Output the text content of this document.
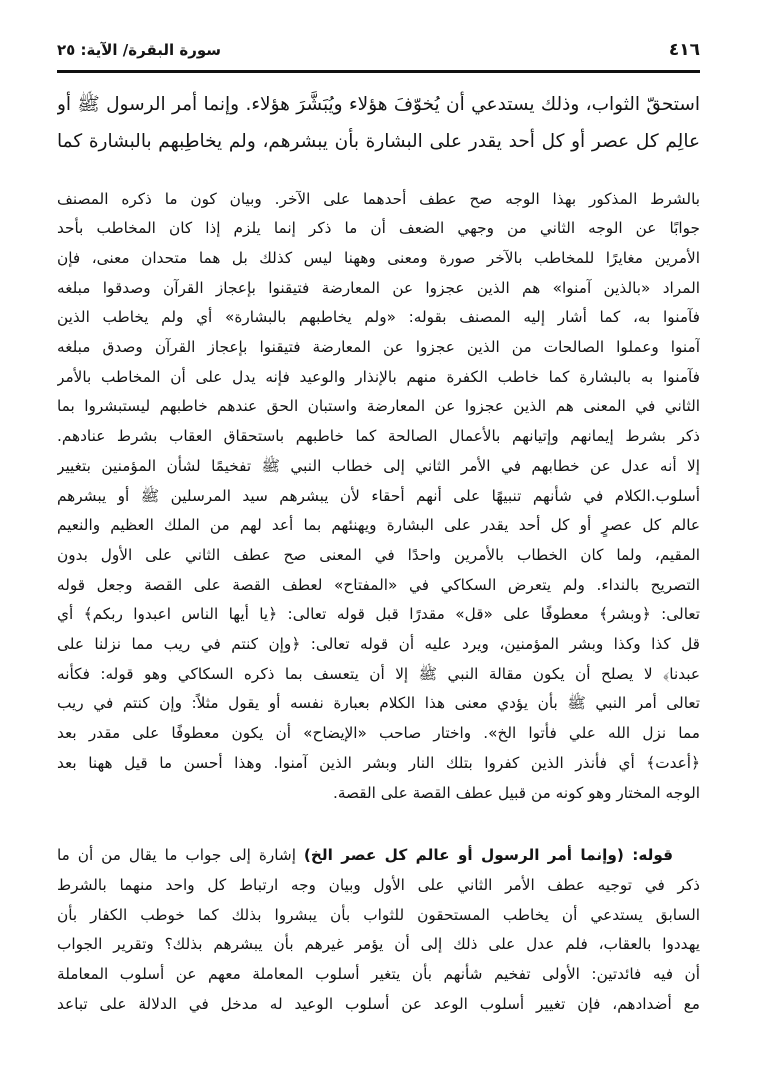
٤١٦
سورة البقرة/ الآية: ٢٥
استحقّ الثواب، وذلك يستدعي أن يُخوّفَ هؤلاء ويُبَشَّرَ هؤلاء. وإنما أمر الرسول ﷺ أو
عالِم كل عصر أو كل أحد يقدر على البشارة بأن يبشرهم، ولم يخاطِبهم بالبشارة كما
بالشرط المذكور بهذا الوجه صح عطف أحدهما على الآخر. وبيان كون ما ذكره المصنف
جوابًا عن الوجه الثاني من وجهي الضعف أن ما ذكر إنما يلزم إذا كان المخاطب بأحد
الأمرين مغايرًا للمخاطب بالآخر صورة ومعنى وههنا ليس كذلك بل هما متحدان معنى، فإن
المراد «بالذين آمنوا» هم الذين عجزوا عن المعارضة فتيقنوا بإعجاز القرآن وصدقوا مبلغه
فآمنوا به، كما أشار إليه المصنف بقوله: «ولم يخاطبهم بالبشارة» أي ولم يخاطب الذين
آمنوا وعملوا الصالحات من الذين عجزوا عن المعارضة فتيقنوا بإعجاز القرآن وصدق مبلغه
فآمنوا به بالبشارة كما خاطب الكفرة منهم بالإنذار والوعيد فإنه يدل على أن المخاطب بالأمر
الثاني في المعنى هم الذين عجزوا عن المعارضة واستبان الحق عندهم خاطبهم ليستبشروا بما
ذكر بشرط إيمانهم وإتيانهم بالأعمال الصالحة كما خاطبهم باستحقاق العقاب بشرط عنادهم.
إلا أنه عدل عن خطابهم في الأمر الثاني إلى خطاب النبي ﷺ تفخيمًا لشأن المؤمنين بتغيير
أسلوب.الكلام في شأنهم تنبيهًا على أنهم أحقاء لأن يبشرهم سيد المرسلين ﷺ أو يبشرهم
عالم كل عصرٍ أو كل أحد يقدر على البشارة ويهنئهم بما أعد لهم من الملك العظيم والنعيم
المقيم، ولما كان الخطاب بالأمرين واحدًا في المعنى صح عطف الثاني على الأول بدون
التصريح بالنداء. ولم يتعرض السكاكي في «المفتاح» لعطف القصة على القصة وجعل قوله
تعالى: ﴿وبشر﴾ معطوفًا على «قل» مقدرًا قبل قوله تعالى: ﴿يا أيها الناس اعبدوا ربكم﴾ أي
قل كذا وكذا وبشر المؤمنين، ويرد عليه أن قوله تعالى: ﴿وإن كنتم في ريب مما نزلنا على
عبدنا﴾ لا يصلح أن يكون مقالة النبي ﷺ إلا أن يتعسف بما ذكره السكاكي وهو قوله: فكأنه
تعالى أمر النبي ﷺ بأن يؤدي معنى هذا الكلام بعبارة نفسه أو يقول مثلاً: وإن كنتم في ريب
مما نزل الله علي فأتوا الخ». واختار صاحب «الإيضاح» أن يكون معطوفًا على مقدر بعد
﴿أعدت﴾ أي فأنذر الذين كفروا بتلك النار وبشر الذين آمنوا. وهذا أحسن ما قيل ههنا بعد
الوجه المختار وهو كونه من قبيل عطف القصة على القصة.
قوله: (وإنما أمر الرسول أو عالم كل عصر الخ) إشارة إلى جواب ما يقال من أن ما
ذكر في توجيه عطف الأمر الثاني على الأول وبيان وجه ارتباط كل واحد منهما بالشرط
السابق يستدعي أن يخاطب المستحقون للثواب بأن يبشروا بذلك كما خوطب الكفار بأن
يهددوا بالعقاب، فلم عدل على ذلك إلى أن يؤمر غيرهم بأن يبشرهم بذلك؟ وتقرير الجواب
أن فيه فائدتين: الأولى تفخيم شأنهم بأن يتغير أسلوب المعاملة معهم عن أسلوب المعاملة
مع أضدادهم، فإن تغيير أسلوب الوعد عن أسلوب الوعيد له مدخل في الدلالة على تباعد
